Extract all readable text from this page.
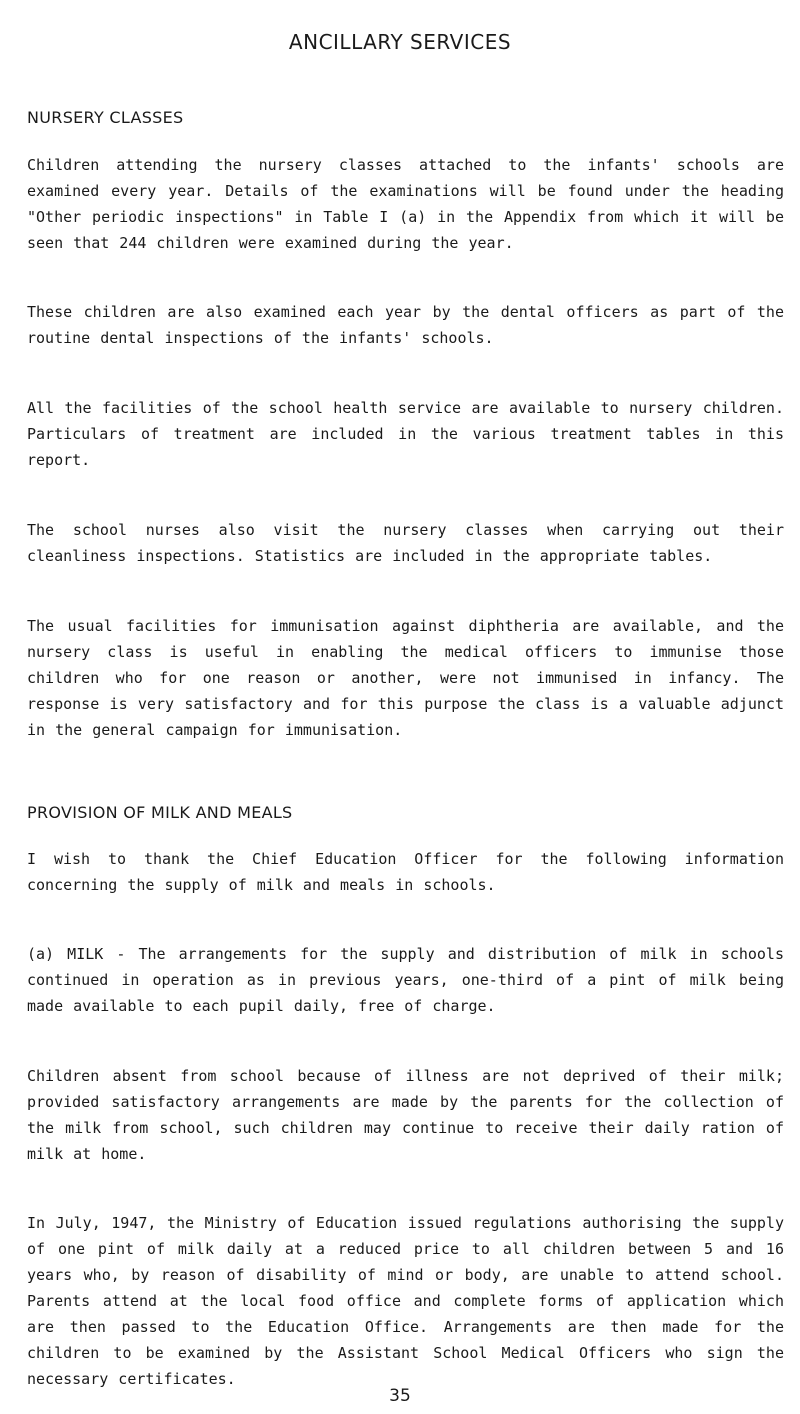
ANCILLARY SERVICES
NURSERY CLASSES

Children attending the nursery classes attached to the infants' schools are examined every year. Details of the examinations will be found under the heading "Other periodic inspections" in Table I (a) in the Appendix from which it will be seen that 244 children were examined during the year.

These children are also examined each year by the dental officers as part of the routine dental inspections of the infants' schools.

All the facilities of the school health service are available to nursery children. Particulars of treatment are included in the various treatment tables in this report.

The school nurses also visit the nursery classes when carrying out their cleanliness inspections. Statistics are included in the appropriate tables.

The usual facilities for immunisation against diphtheria are available, and the nursery class is useful in enabling the medical officers to immunise those children who for one reason or another, were not immunised in infancy. The response is very satisfactory and for this purpose the class is a valuable adjunct in the general campaign for immunisation.

PROVISION OF MILK AND MEALS

I wish to thank the Chief Education Officer for the following information concerning the supply of milk and meals in schools.

(a) MILK - The arrangements for the supply and distribution of milk in schools continued in operation as in previous years, one-third of a pint of milk being made available to each pupil daily, free of charge.

Children absent from school because of illness are not deprived of their milk; provided satisfactory arrangements are made by the parents for the collection of the milk from school, such children may continue to receive their daily ration of milk at home.

In July, 1947, the Ministry of Education issued regulations authorising the supply of one pint of milk daily at a reduced price to all children between 5 and 16 years who, by reason of disability of mind or body, are unable to attend school. Parents attend at the local food office and complete forms of application which are then passed to the Education Office. Arrangements are then made for the children to be examined by the Assistant School Medical Officers who sign the necessary certificates.

35
